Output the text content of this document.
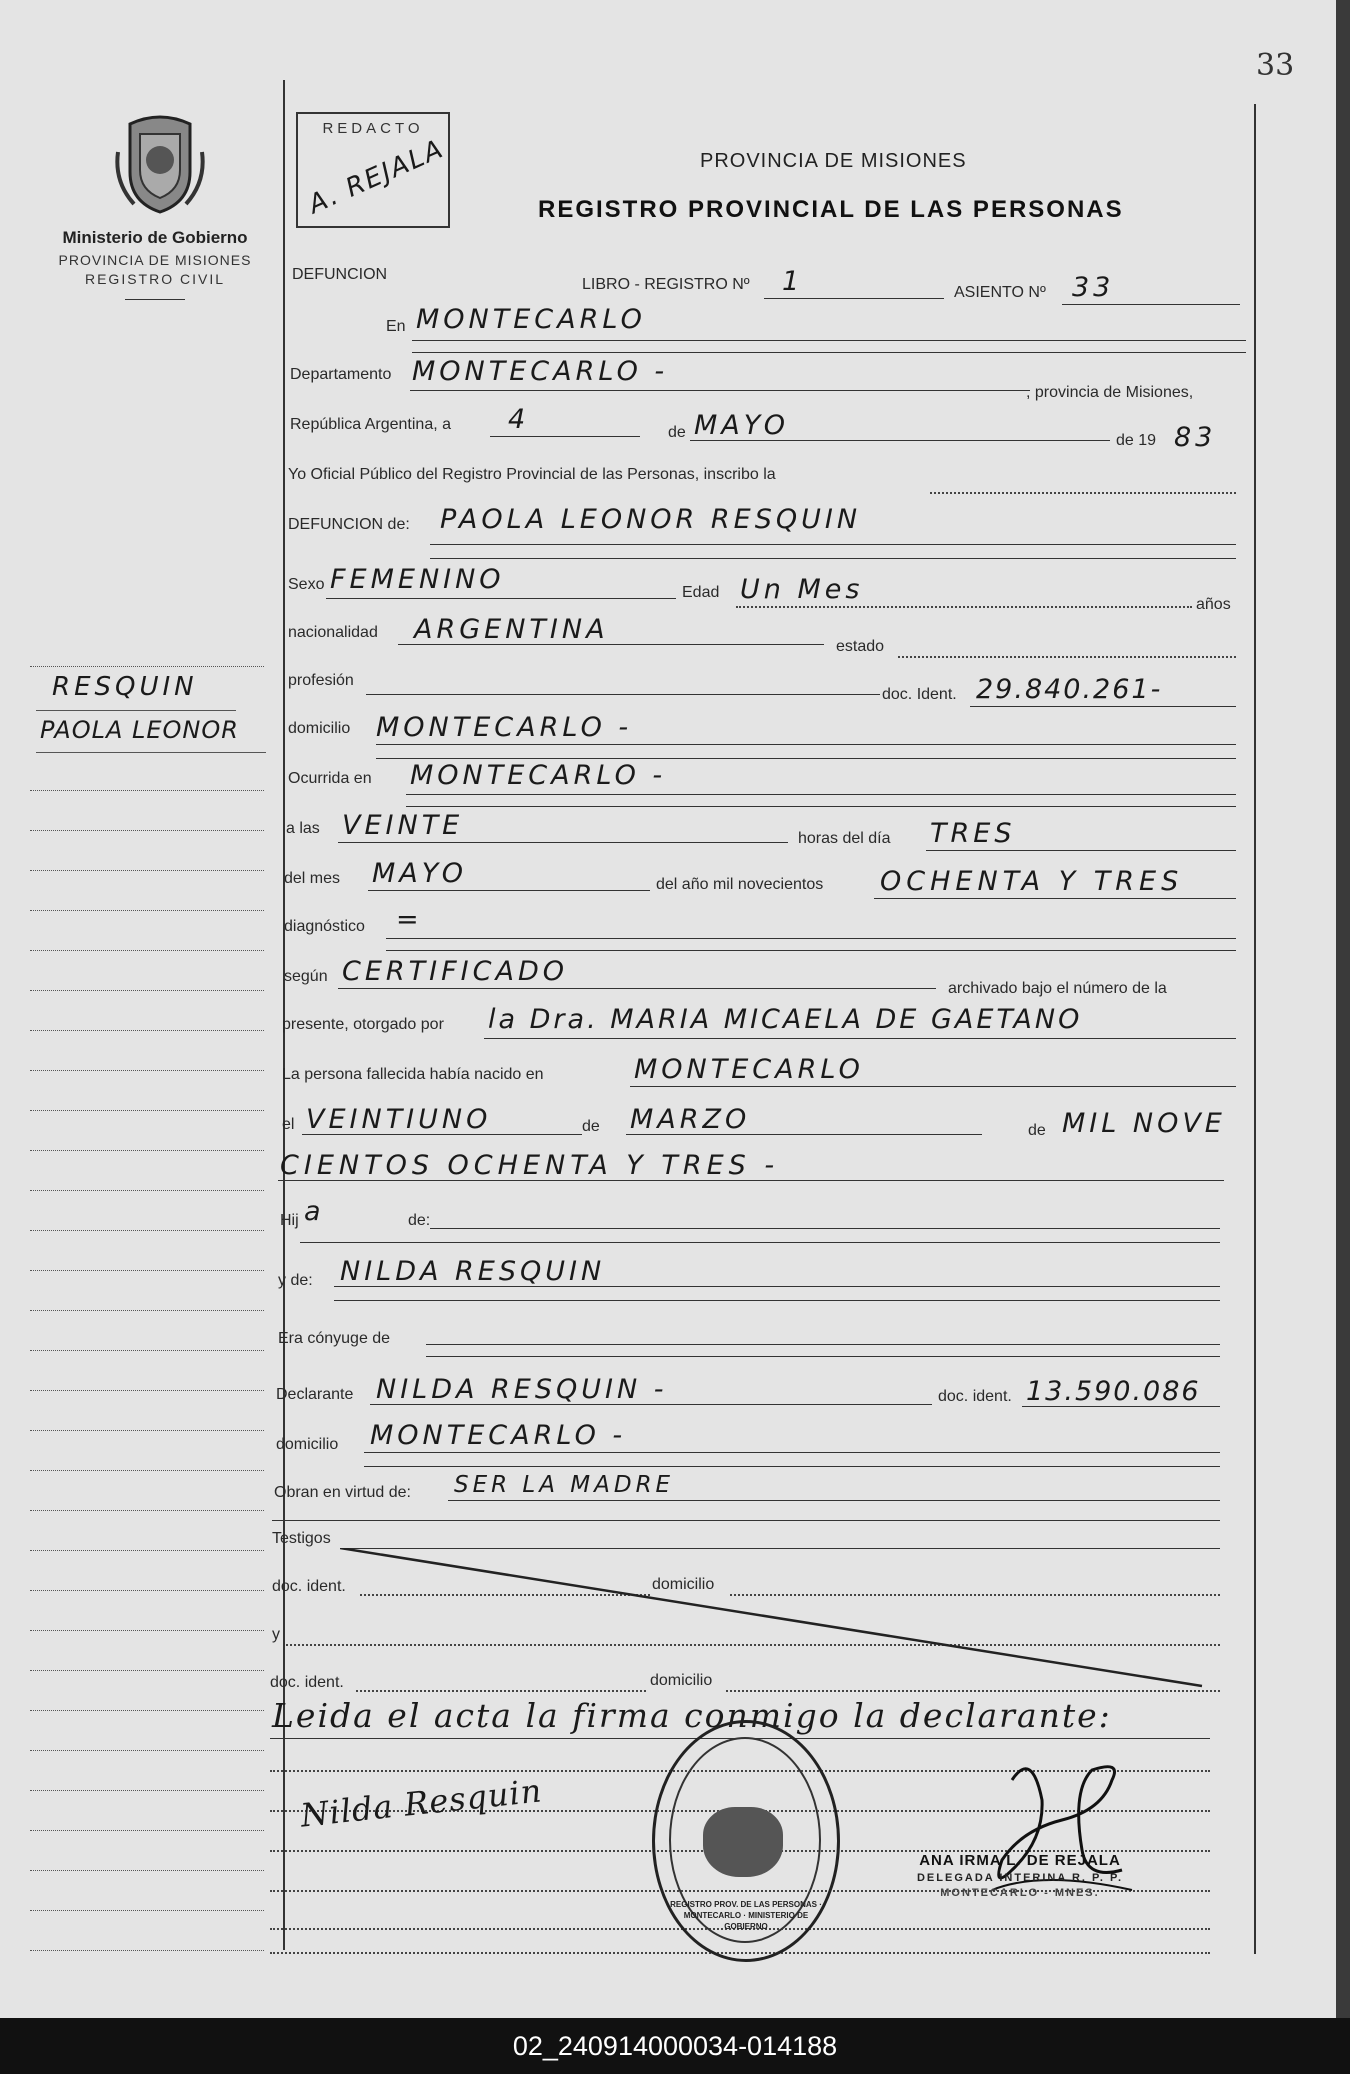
33
Ministerio de Gobierno
PROVINCIA DE MISIONES
REGISTRO CIVIL
REDACTO
A. REJALA	PROVINCIA DE MISIONES
REGISTRO PROVINCIAL DE LAS PERSONAS
RESQUIN
PAOLA LEONOR
DEFUNCION
LIBRO - REGISTRO Nº 1	ASIENTO Nº 33
En MONTECARLO
Departamento MONTECARLO -
, provincia de Misiones,
República Argentina, a 4	de MAYO	de 19 83
Yo Oficial Público del Registro Provincial de las Personas, inscribo la
DEFUNCION de: PAOLA LEONOR RESQUIN
Sexo FEMENINO	Edad Un Mes	años
nacionalidad ARGENTINA
estado
profesión
doc. Ident. 29.840.261-
domicilio MONTECARLO -
Ocurrida en MONTECARLO -
a las VEINTE	horas del día TRES
del mes MAYO	del año mil novecientos OCHENTA Y TRES
diagnóstico =
según CERTIFICADO
archivado bajo el número de la
presente, otorgado por la Dra. MARIA MICAELA DE GAETANO
La persona fallecida había nacido en	MONTECARLO
el VEINTIUNO	de MARZO	de MIL NOVE
CIENTOS OCHENTA Y TRES -
Hij a	de:
y de: NILDA RESQUIN
Era cónyuge de
Declarante NILDA RESQUIN -	doc. ident. 13.590.086
domicilio MONTECARLO -
Obran en virtud de: SER LA MADRE
Testigos
doc. ident.	domicilio
y
doc. ident.	domicilio
Leida el acta la firma conmigo la declarante:
Nilda Resquin
REGISTRO PROV. DE LAS PERSONAS · MONTECARLO · MINISTERIO DE GOBIERNO
ANA IRMA L. DE REJALA
DELEGADA INTERINA R. P. P.
MONTECARLO - MNES.
02_240914000034-014188
